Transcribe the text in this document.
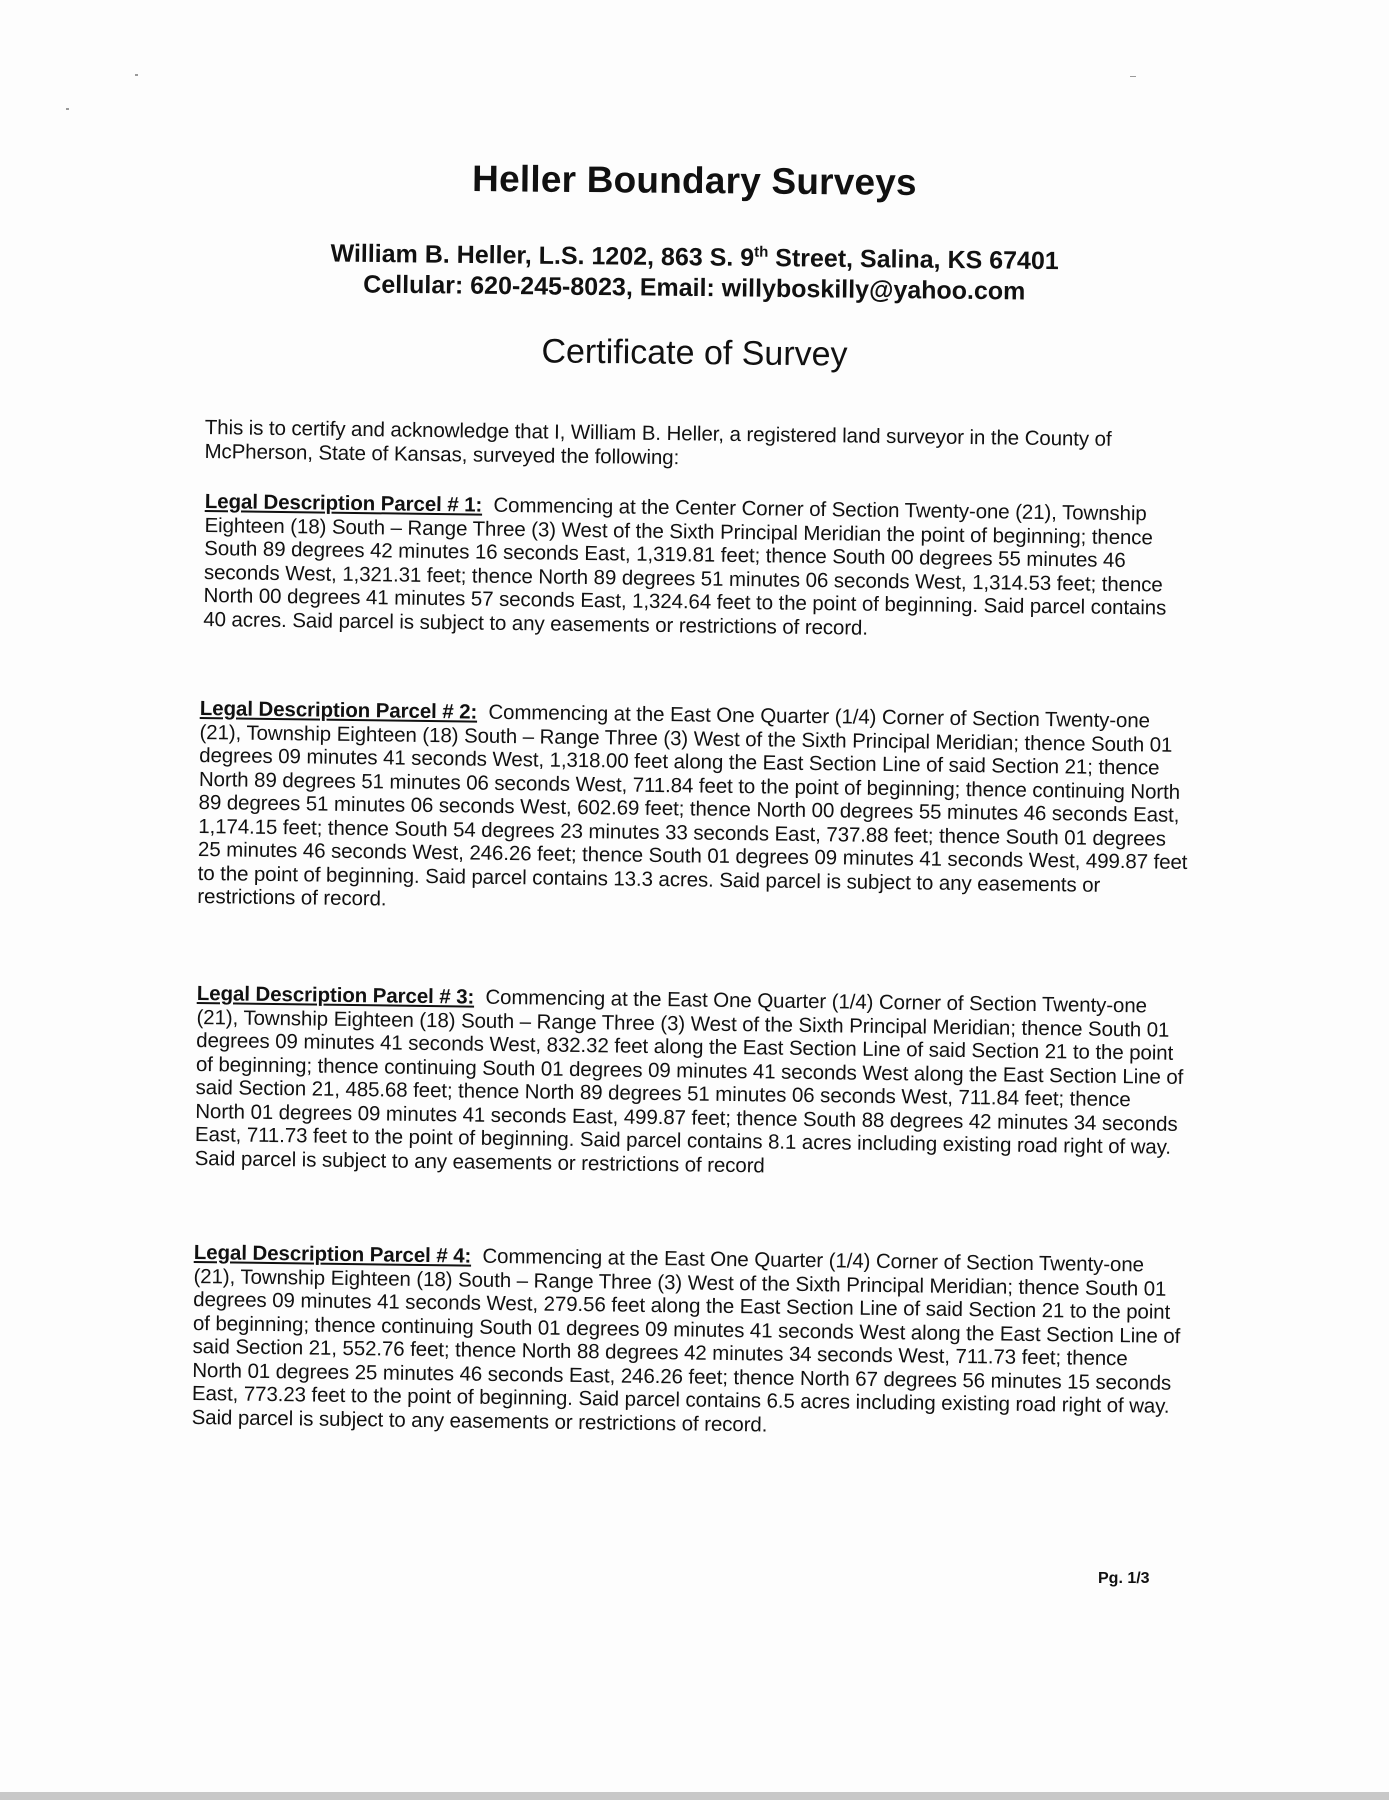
Heller Boundary Surveys
William B. Heller, L.S. 1202, 863 S. 9th Street, Salina, KS 67401
Cellular: 620-245-8023, Email: willyboskilly@yahoo.com
Certificate of Survey
This is to certify and acknowledge that I, William B. Heller, a registered land surveyor in the County of McPherson, State of Kansas, surveyed the following:
Legal Description Parcel # 1: Commencing at the Center Corner of Section Twenty-one (21), Township Eighteen (18) South – Range Three (3) West of the Sixth Principal Meridian the point of beginning; thence South 89 degrees 42 minutes 16 seconds East, 1,319.81 feet; thence South 00 degrees 55 minutes 46 seconds West, 1,321.31 feet; thence North 89 degrees 51 minutes 06 seconds West, 1,314.53 feet; thence North 00 degrees 41 minutes 57 seconds East, 1,324.64 feet to the point of beginning. Said parcel contains 40 acres. Said parcel is subject to any easements or restrictions of record.
Legal Description Parcel # 2: Commencing at the East One Quarter (1/4) Corner of Section Twenty-one (21), Township Eighteen (18) South – Range Three (3) West of the Sixth Principal Meridian; thence South 01 degrees 09 minutes 41 seconds West, 1,318.00 feet along the East Section Line of said Section 21; thence North 89 degrees 51 minutes 06 seconds West, 711.84 feet to the point of beginning; thence continuing North 89 degrees 51 minutes 06 seconds West, 602.69 feet; thence North 00 degrees 55 minutes 46 seconds East, 1,174.15 feet; thence South 54 degrees 23 minutes 33 seconds East, 737.88 feet; thence South 01 degrees 25 minutes 46 seconds West, 246.26 feet; thence South 01 degrees 09 minutes 41 seconds West, 499.87 feet to the point of beginning. Said parcel contains 13.3 acres. Said parcel is subject to any easements or restrictions of record.
Legal Description Parcel # 3: Commencing at the East One Quarter (1/4) Corner of Section Twenty-one (21), Township Eighteen (18) South – Range Three (3) West of the Sixth Principal Meridian; thence South 01 degrees 09 minutes 41 seconds West, 832.32 feet along the East Section Line of said Section 21 to the point of beginning; thence continuing South 01 degrees 09 minutes 41 seconds West along the East Section Line of said Section 21, 485.68 feet; thence North 89 degrees 51 minutes 06 seconds West, 711.84 feet; thence North 01 degrees 09 minutes 41 seconds East, 499.87 feet; thence South 88 degrees 42 minutes 34 seconds East, 711.73 feet to the point of beginning. Said parcel contains 8.1 acres including existing road right of way. Said parcel is subject to any easements or restrictions of record
Legal Description Parcel # 4: Commencing at the East One Quarter (1/4) Corner of Section Twenty-one (21), Township Eighteen (18) South – Range Three (3) West of the Sixth Principal Meridian; thence South 01 degrees 09 minutes 41 seconds West, 279.56 feet along the East Section Line of said Section 21 to the point of beginning; thence continuing South 01 degrees 09 minutes 41 seconds West along the East Section Line of said Section 21, 552.76 feet; thence North 88 degrees 42 minutes 34 seconds West, 711.73 feet; thence North 01 degrees 25 minutes 46 seconds East, 246.26 feet; thence North 67 degrees 56 minutes 15 seconds East, 773.23 feet to the point of beginning. Said parcel contains 6.5 acres including existing road right of way. Said parcel is subject to any easements or restrictions of record.
Pg. 1/3
